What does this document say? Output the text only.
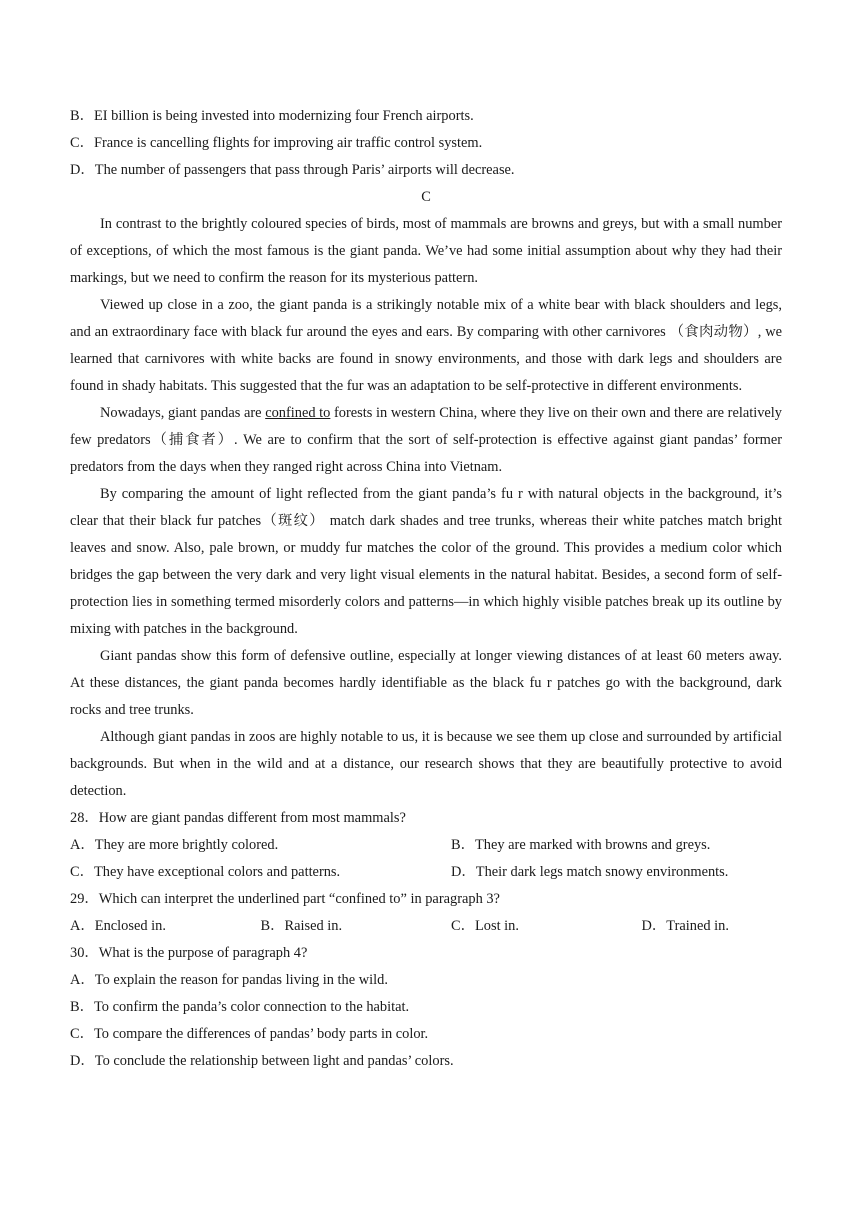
B．EI billion is being invested into modernizing four French airports.
C．France is cancelling flights for improving air traffic control system.
D．The number of passengers that pass through Paris’ airports will decrease.
C

In contrast to the brightly coloured species of birds, most of mammals are browns and greys, but with a small number of exceptions, of which the most famous is the giant panda. We’ve had some initial assumption about why they had their markings, but we need to confirm the reason for its mysterious pattern.

Viewed up close in a zoo, the giant panda is a strikingly notable mix of a white bear with black shoulders and legs, and an extraordinary face with black fur around the eyes and ears. By comparing with other carnivores （食肉动物）, we learned that carnivores with white backs are found in snowy environments, and those with dark legs and shoulders are found in shady habitats. This suggested that the fur was an adaptation to be self-protective in different environments.

Nowadays, giant pandas are confined to forests in western China, where they live on their own and there are relatively few predators（捕食者）. We are to confirm that the sort of self-protection is effective against giant pandas’ former predators from the days when they ranged right across China into Vietnam.

By comparing the amount of light reflected from the giant panda’s fu r with natural objects in the background, it’s clear that their black fur patches（斑纹） match dark shades and tree trunks, whereas their white patches match bright leaves and snow. Also, pale brown, or muddy fur matches the color of the ground. This provides a medium color which bridges the gap between the very dark and very light visual elements in the natural habitat. Besides, a second form of self-protection lies in something termed misorderly colors and patterns—in which highly visible patches break up its outline by mixing with patches in the background.

Giant pandas show this form of defensive outline, especially at longer viewing distances of at least 60 meters away. At these distances, the giant panda becomes hardly identifiable as the black fu r patches go with the background, dark rocks and tree trunks.

Although giant pandas in zoos are highly notable to us, it is because we see them up close and surrounded by artificial backgrounds. But when in the wild and at a distance, our research shows that they are beautifully protective to avoid detection.

28．How are giant pandas different from most mammals?
A．They are more brightly colored.	B．They are marked with browns and greys.
C．They have exceptional colors and patterns.	D．Their dark legs match snowy environments.
29．Which can interpret the underlined part “confined to” in paragraph 3?
A．Enclosed in.	B．Raised in.	C．Lost in.	D．Trained in.
30．What is the purpose of paragraph 4?
A．To explain the reason for pandas living in the wild.
B．To confirm the panda’s color connection to the habitat.
C．To compare the differences of pandas’ body parts in color.
D．To conclude the relationship between light and pandas’ colors.
